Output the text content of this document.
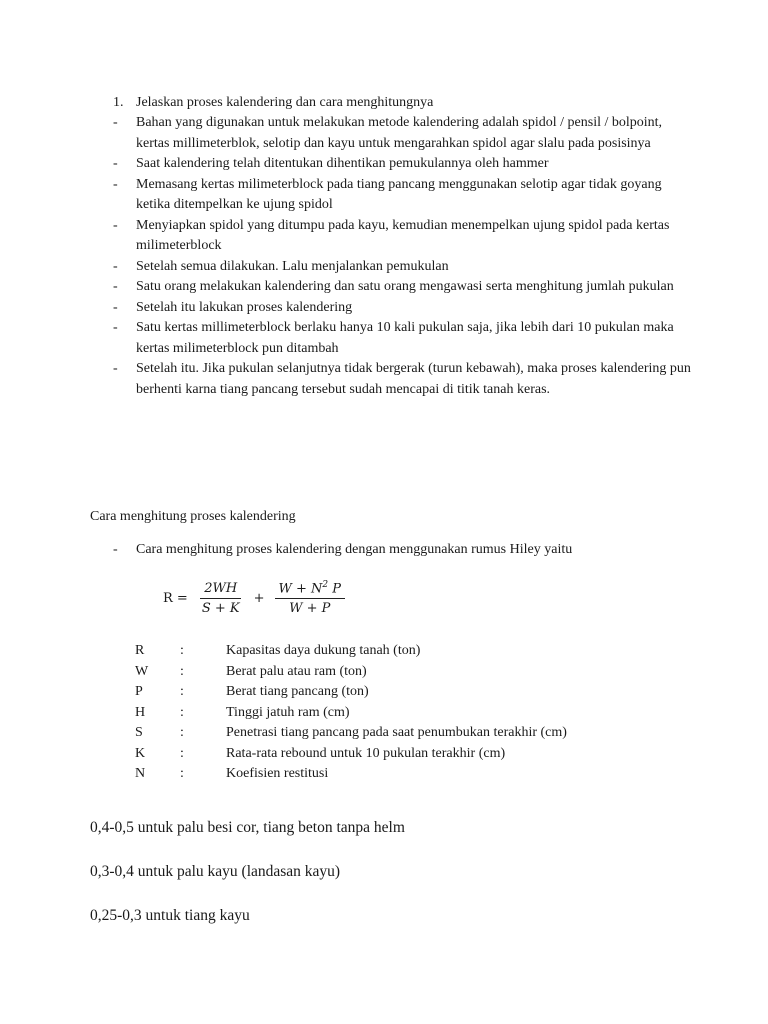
1. Jelaskan proses kalendering dan cara menghitungnya
- Bahan yang digunakan untuk melakukan metode kalendering adalah spidol / pensil / bolpoint, kertas millimeterblok, selotip dan kayu untuk mengarahkan spidol agar slalu pada posisinya
- Saat kalendering telah ditentukan dihentikan pemukulannya oleh hammer
- Memasang kertas milimeterblock pada tiang pancang menggunakan selotip agar tidak goyang ketika ditempelkan ke ujung spidol
- Menyiapkan spidol yang ditumpu pada kayu, kemudian menempelkan ujung spidol pada kertas milimeterblock
- Setelah semua dilakukan. Lalu menjalankan pemukulan
- Satu orang melakukan kalendering dan satu orang mengawasi serta menghitung jumlah pukulan
- Setelah itu lakukan proses kalendering
- Satu kertas millimeterblock berlaku hanya 10 kali pukulan saja, jika lebih dari 10 pukulan maka kertas milimeterblock pun ditambah
- Setelah itu. Jika pukulan selanjutnya tidak bergerak (turun kebawah), maka proses kalendering pun berhenti karna tiang pancang tersebut sudah mencapai di titik tanah keras.
Cara menghitung proses kalendering
- Cara menghitung proses kalendering dengan menggunakan rumus Hiley yaitu
$R = \frac{2WH}{S + K} + \frac{W + N^2 P}{W + P}$
R	:	Kapasitas daya dukung tanah (ton)
W :	Berat palu atau ram (ton)
P	:	Berat tiang pancang (ton)
H :	Tinggi jatuh ram (cm)
S	:	Penetrasi tiang pancang pada saat penumbukan terakhir (cm)
K :	Rata-rata rebound untuk 10 pukulan terakhir (cm)
N :	Koefisien restitusi
0,4-0,5 untuk palu besi cor, tiang beton tanpa helm
0,3-0,4 untuk palu kayu (landasan kayu)
0,25-0,3 untuk tiang kayu
